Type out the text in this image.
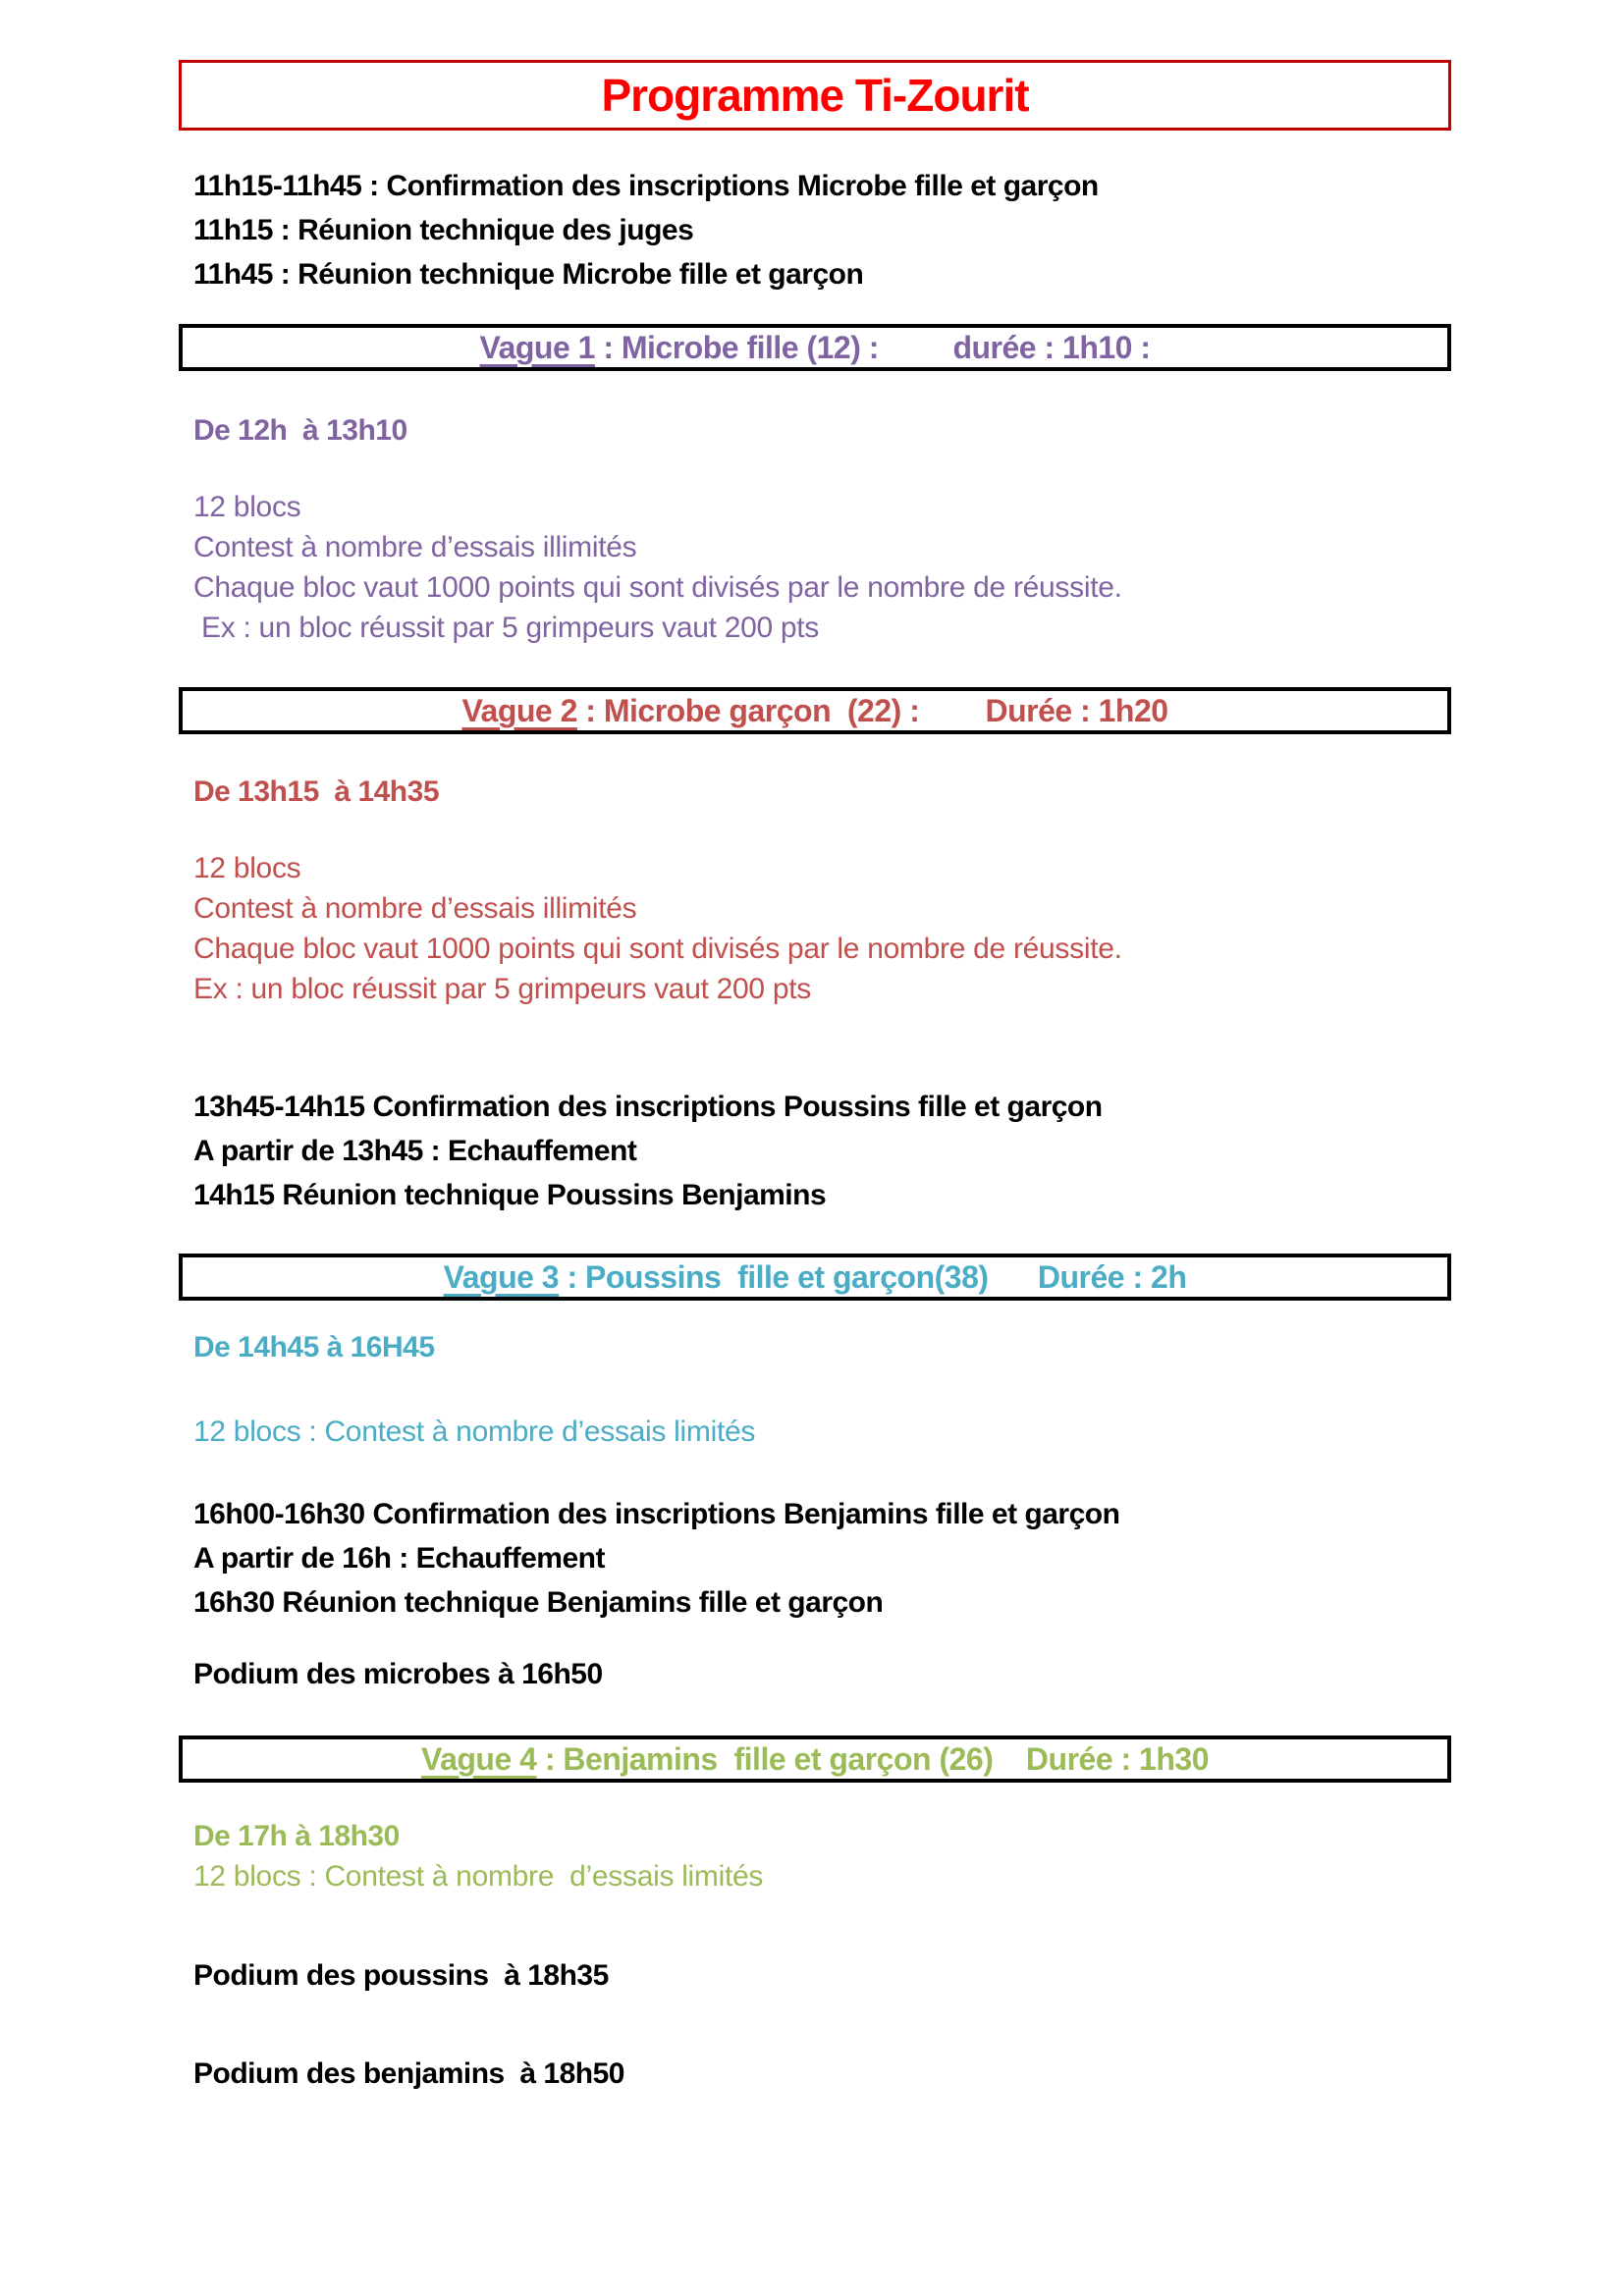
Programme Ti-Zourit
11h15-11h45 : Confirmation des inscriptions Microbe fille et garçon
11h15 : Réunion technique des juges
11h45 : Réunion technique Microbe fille et garçon
Vague 1 : Microbe fille (12) :         durée : 1h10 :
De 12h  à 13h10
12 blocs
Contest à nombre d’essais illimités
Chaque bloc vaut 1000 points qui sont divisés par le nombre de réussite.
Ex : un bloc réussit par 5 grimpeurs vaut 200 pts
Vague 2 : Microbe garçon  (22) :        Durée : 1h20
De 13h15  à 14h35
12 blocs
Contest à nombre d’essais illimités
Chaque bloc vaut 1000 points qui sont divisés par le nombre de réussite.
Ex : un bloc réussit par 5 grimpeurs vaut 200 pts
13h45-14h15 Confirmation des inscriptions Poussins fille et garçon
A partir de 13h45 : Echauffement
14h15 Réunion technique Poussins Benjamins
Vague 3 : Poussins  fille et garçon(38)      Durée : 2h
De 14h45 à 16H45
12 blocs : Contest à nombre d’essais limités
16h00-16h30 Confirmation des inscriptions Benjamins fille et garçon
A partir de 16h : Echauffement
16h30 Réunion technique Benjamins fille et garçon
Podium des microbes à 16h50
Vague 4 : Benjamins  fille et garçon (26)    Durée : 1h30
De 17h à 18h30
12 blocs : Contest à nombre  d’essais limités
Podium des poussins  à 18h35
Podium des benjamins  à 18h50
